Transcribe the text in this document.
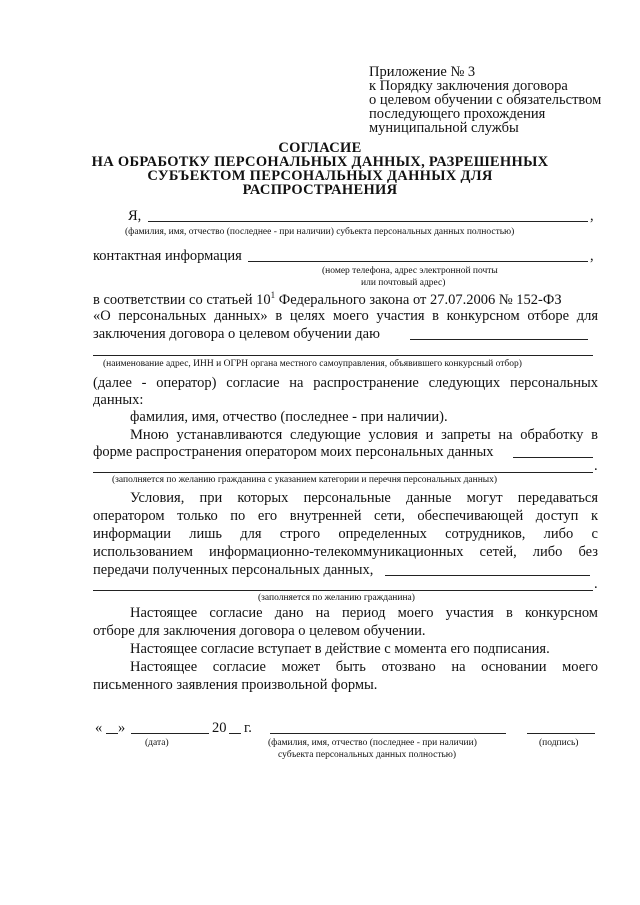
Приложение № 3
к Порядку заключения договора
о целевом обучении с обязательством
последующего прохождения
муниципальной службы
СОГЛАСИЕ
НА ОБРАБОТКУ ПЕРСОНАЛЬНЫХ ДАННЫХ, РАЗРЕШЕННЫХ
СУБЪЕКТОМ ПЕРСОНАЛЬНЫХ ДАННЫХ ДЛЯ
РАСПРОСТРАНЕНИЯ
Я,	,
(фамилия, имя, отчество (последнее - при наличии) субъекта персональных данных полностью)
контактная информация	,
(номер телефона, адрес электронной почты
или почтовый адрес)
в соответствии со статьей $10^1$ Федерального закона от 27.07.2006 № 152-ФЗ
«О персональных данных» в целях моего участия в конкурсном отборе для
заключения договора о целевом обучении даю
(наименование адрес, ИНН и ОГРН органа местного самоуправления, объявившего конкурсный отбор)
(далее - оператор) согласие на распространение следующих персональных
данных:
фамилия, имя, отчество (последнее - при наличии).
Мною устанавливаются следующие условия и запреты на обработку в
форме распространения оператором моих персональных данных
.
(заполняется по желанию гражданина с указанием категории и перечня персональных данных)
Условия, при которых персональные данные могут передаваться
оператором только по его внутренней сети, обеспечивающей доступ к
информации лишь для строго определенных сотрудников, либо с
использованием информационно-телекоммуникационных сетей, либо без
передачи полученных персональных данных,
.
(заполняется по желанию гражданина)
Настоящее согласие дано на период моего участия в конкурсном
отборе для заключения договора о целевом обучении.
Настоящее согласие вступает в действие с момента его подписания.
Настоящее согласие может быть отозвано на основании моего
письменного заявления произвольной формы.
« »	20 г.
(дата)	(фамилия, имя, отчество (последнее - при наличии)
субъекта персональных данных полностью)
(подпись)
